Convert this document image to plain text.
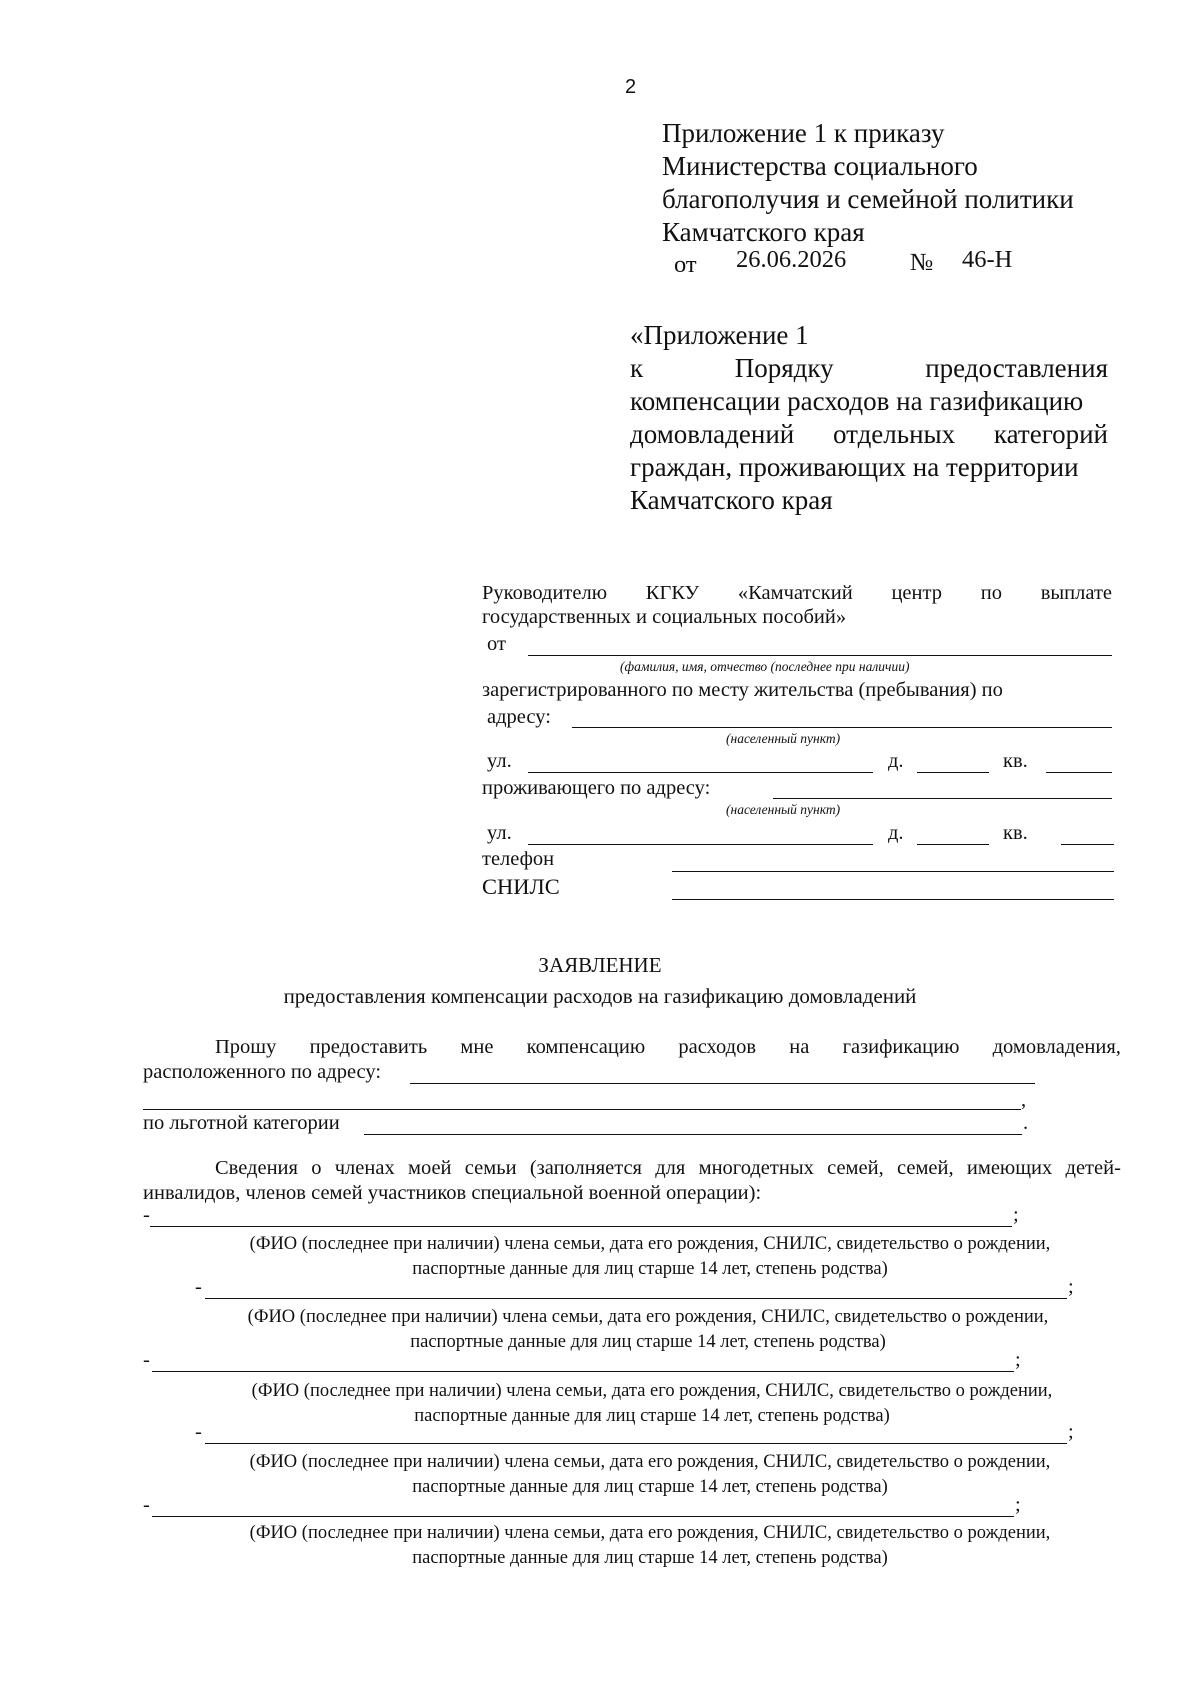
2
Приложение 1 к приказу
Министерства социального
благополучия и семейной политики
Камчатского края
от 26.06.2026	№ 46-Н
«Приложение 1
к	Порядку	предоставления
компенсации расходов на газификацию
домовладений отдельных категорий
граждан, проживающих на территории
Камчатского края
Руководителю КГКУ «Камчатский центр по выплате
государственных и социальных пособий»
от
(фамилия, имя, отчество (последнее при наличии)
зарегистрированного по месту жительства (пребывания) по
адресу:
(населенный пункт)
ул.	д.	кв.
проживающего по адресу:
(населенный пункт)
ул.	д.	кв.
телефон
СНИЛС
ЗАЯВЛЕНИЕ
предоставления компенсации расходов на газификацию домовладений
Прошу предоставить мне компенсацию расходов на газификацию домовладения,
расположенного по адресу:
,
по льготной категории	.
Сведения о членах моей семьи (заполняется для многодетных семей, семей, имеющих детей-
инвалидов, членов семей участников специальной военной операции):
-	;
(ФИО (последнее при наличии) члена семьи, дата его рождения, СНИЛС, свидетельство о рождении,
паспортные данные для лиц старше 14 лет, степень родства)
-	;
(ФИО (последнее при наличии) члена семьи, дата его рождения, СНИЛС, свидетельство о рождении,
паспортные данные для лиц старше 14 лет, степень родства)
-	;
(ФИО (последнее при наличии) члена семьи, дата его рождения, СНИЛС, свидетельство о рождении,
паспортные данные для лиц старше 14 лет, степень родства)
-	;
(ФИО (последнее при наличии) члена семьи, дата его рождения, СНИЛС, свидетельство о рождении,
паспортные данные для лиц старше 14 лет, степень родства)
-	;
(ФИО (последнее при наличии) члена семьи, дата его рождения, СНИЛС, свидетельство о рождении,
паспортные данные для лиц старше 14 лет, степень родства)
